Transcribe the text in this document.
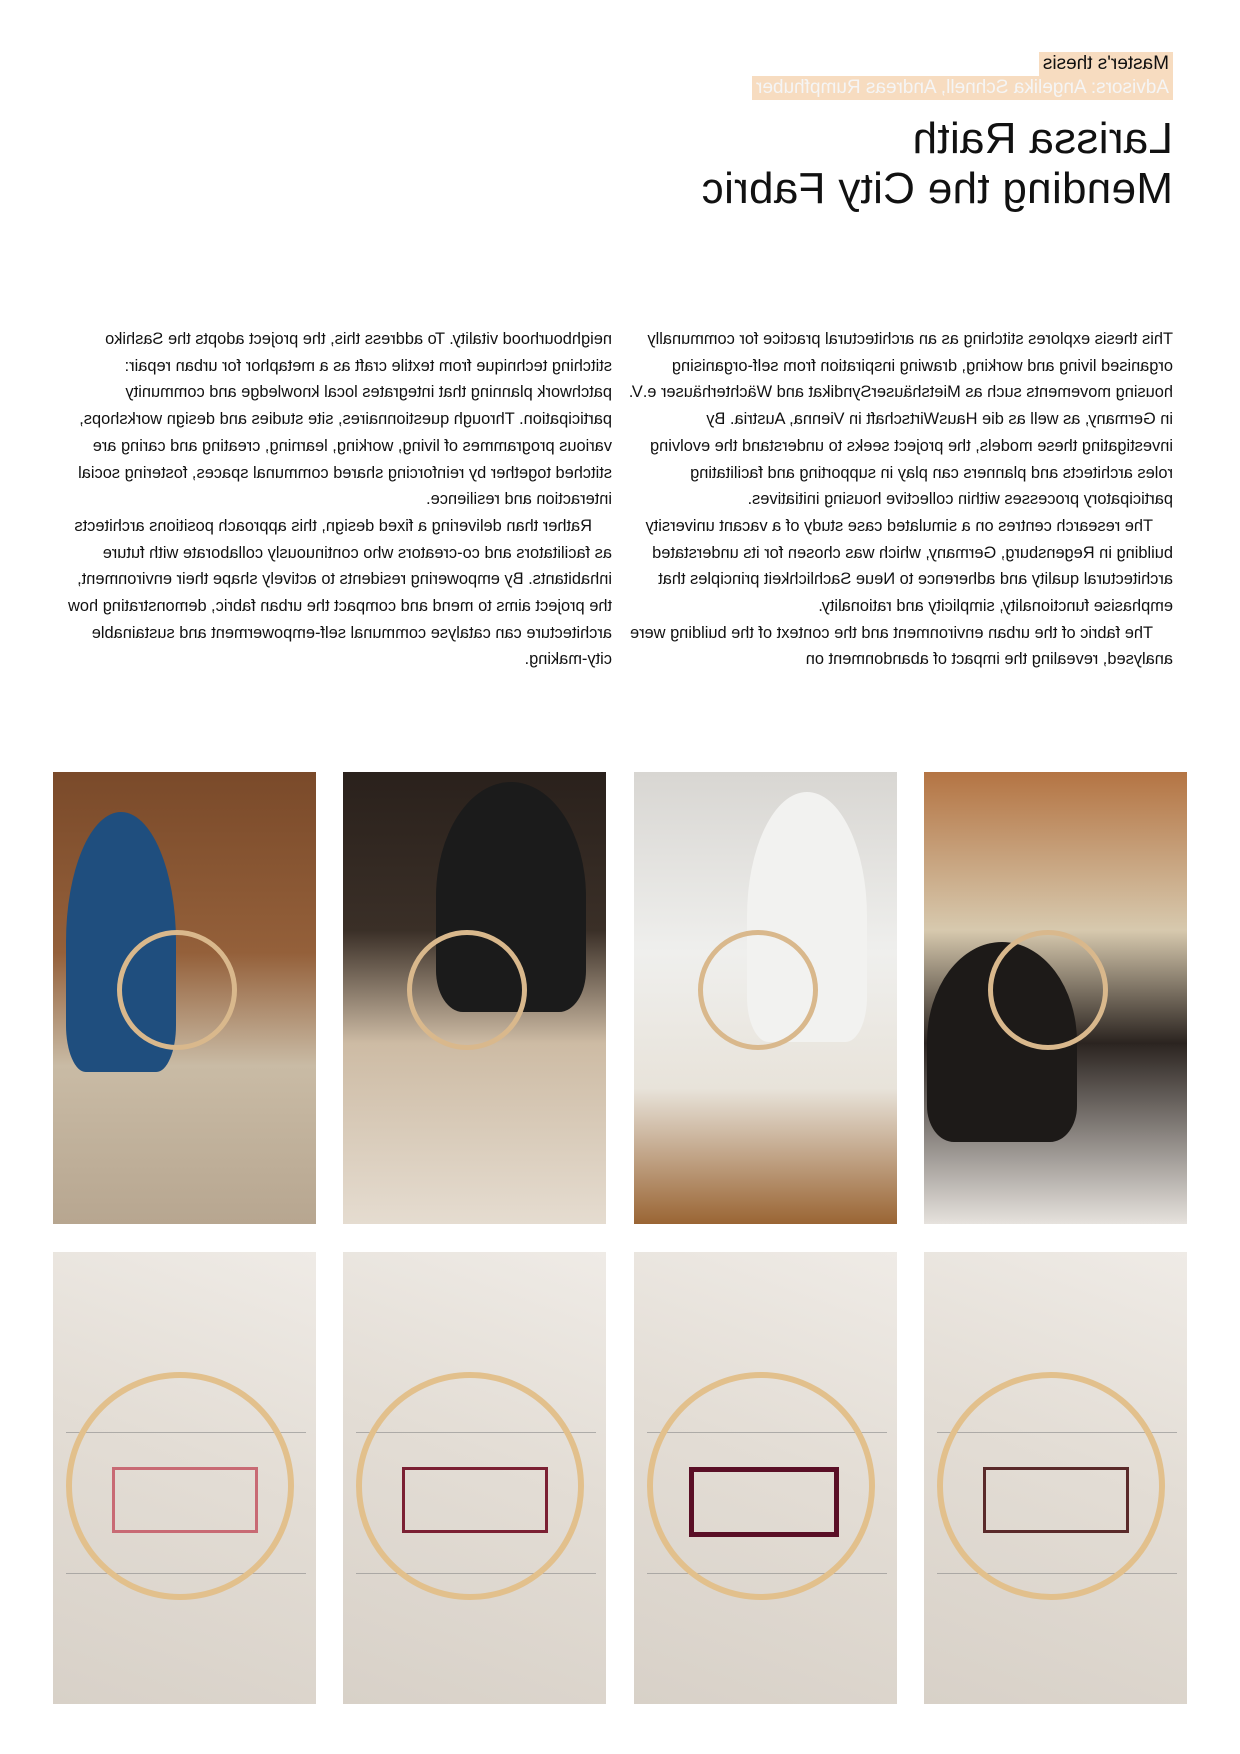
Master's thesis
Advisors: Angelika Schnell, Andreas Rumpfhuber
Larissa Raith
Mending the City Fabric

This thesis explores stitching as an architectural practice for communally organised living and working, drawing inspiration from self-organising housing movements such as MietshäuserSyndikat and Wächterhäuser e.V. in Germany, as well as die HausWirtschaft in Vienna, Austria. By investigating these models, the project seeks to understand the evolving roles architects and planners can play in supporting and facilitating participatory processes within collective housing initiatives.

The research centres on a simulated case study of a vacant university building in Regensburg, Germany, which was chosen for its understated architectural quality and adherence to Neue Sachlichkeit principles that emphasise functionality, simplicity and rationality.

The fabric of the urban environment and the context of the building were analysed, revealing the impact of abandonment on

neighbourhood vitality. To address this, the project adopts the Sashiko stitching technique from textile craft as a metaphor for urban repair: patchwork planning that integrates local knowledge and community participation. Through questionnaires, site studies and design workshops, various programmes of living, working, learning, creating and caring are stitched together by reinforcing shared communal spaces, fostering social interaction and resilience.

Rather than delivering a fixed design, this approach positions architects as facilitators and co-creators who continuously collaborate with future inhabitants. By empowering residents to actively shape their environment, the project aims to mend and compact the urban fabric, demonstrating how architecture can catalyse communal self-empowerment and sustainable city-making.
